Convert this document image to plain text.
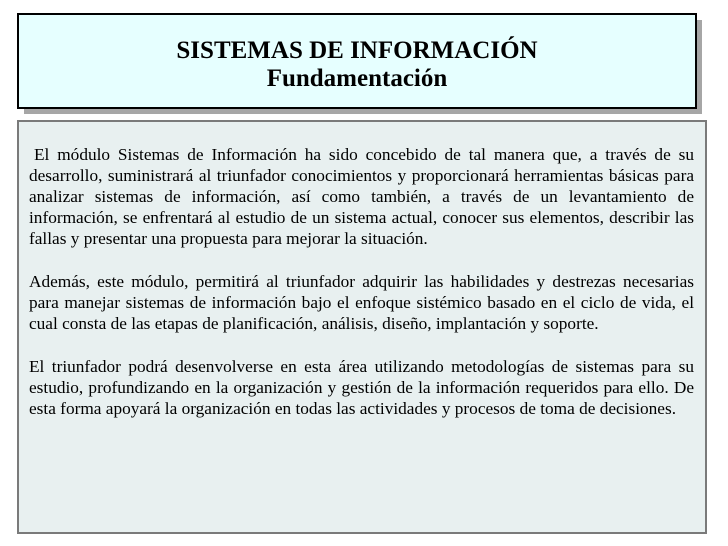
SISTEMAS DE INFORMACIÓN
Fundamentación

El módulo Sistemas de Información ha sido concebido de tal manera que, a través de su desarrollo, suministrará al triunfador conocimientos y proporcionará herramientas básicas para analizar sistemas de información, así como también, a través de un levantamiento de información, se enfrentará al estudio de un sistema actual, conocer sus elementos, describir las fallas y presentar una propuesta para mejorar la situación.

Además, este módulo, permitirá al triunfador adquirir las habilidades y destrezas necesarias para manejar sistemas de información bajo el enfoque sistémico basado en el ciclo de vida, el cual consta de las etapas de planificación, análisis, diseño, implantación y soporte.

El triunfador podrá desenvolverse en esta área utilizando metodologías de sistemas para su estudio, profundizando en la organización y gestión de la información requeridos para ello. De esta forma apoyará la organización en todas las actividades y procesos de toma de decisiones.
